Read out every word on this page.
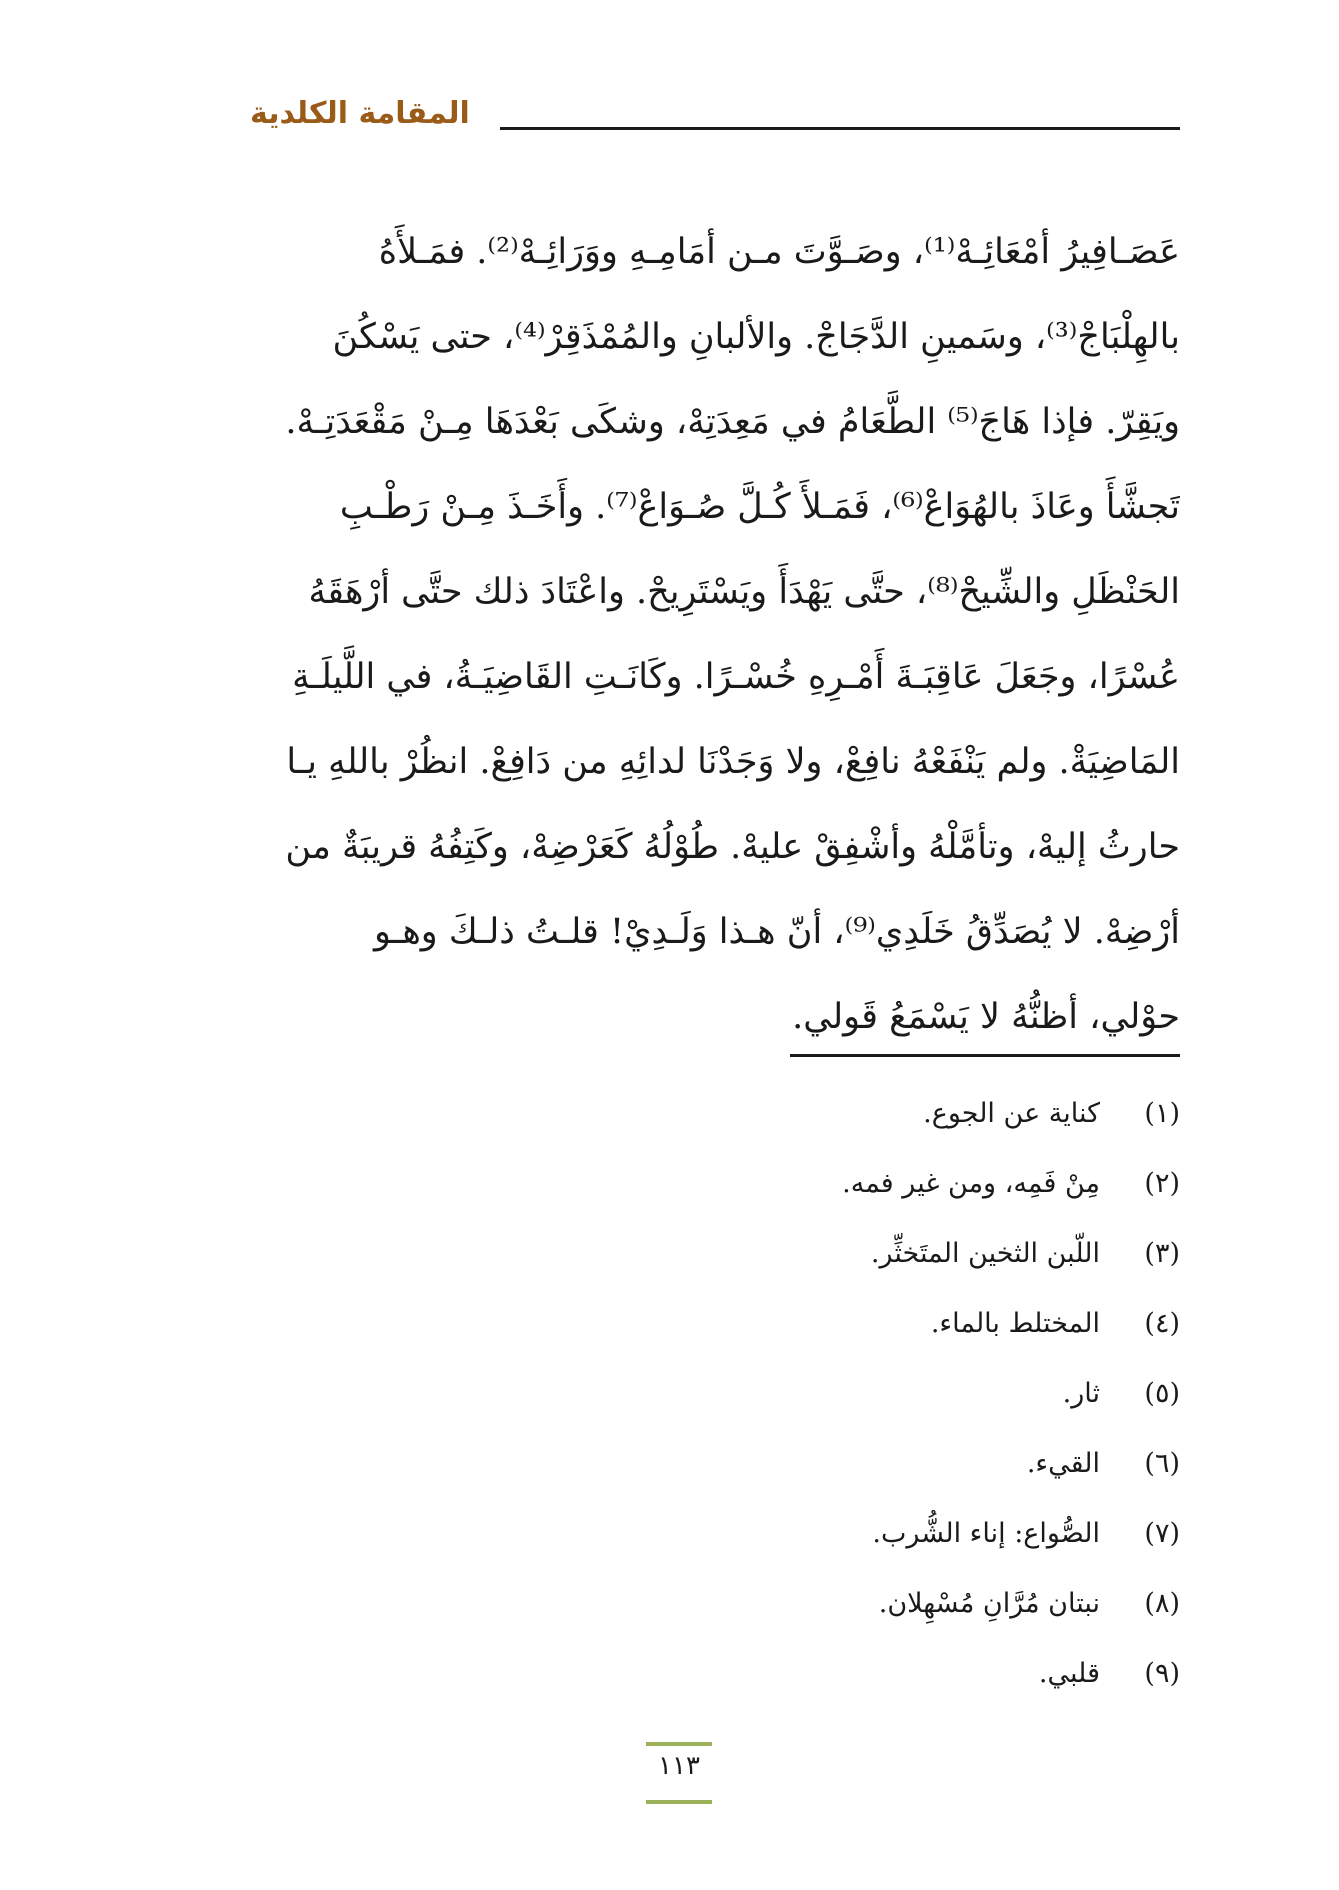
المقامة الكلدية
عَصَـافِيرُ أمْعَائِـهْ⁽¹⁾، وصَـوَّتَ مـن أمَامِـهِ ووَرَائِـهْ⁽²⁾. فمَـلأَهُ
بالهِلْبَاجْ⁽³⁾، وسَمينِ الدَّجَاجْ. والألبانِ والمُمْذَقِرْ⁽⁴⁾، حتى يَسْكُنَ
ويَقِرّ. فإذا هَاجَ⁽⁵⁾ الطَّعَامُ في مَعِدَتِهْ، وشكَى بَعْدَهَا مِـنْ مَقْعَدَتِـهْ.
تَجشَّأَ وعَاذَ بالهُوَاعْ⁽⁶⁾، فَمَـلأَ كُـلَّ صُـوَاعْ⁽⁷⁾. وأَخَـذَ مِـنْ رَطْـبِ
الحَنْظَلِ والشِّيحْ⁽⁸⁾، حتَّى يَهْدَأَ ويَسْتَرِيحْ. واعْتَادَ ذلك حتَّى أرْهَقَهُ
عُسْرًا، وجَعَلَ عَاقِبَـةَ أَمْـرِهِ خُسْـرًا. وكَانَـتِ القَاضِيَـةُ، في اللَّيلَـةِ
المَاضِيَةْ. ولم يَنْفَعْهُ نافِعْ، ولا وَجَدْنَا لدائِهِ من دَافِعْ. انظُرْ باللهِ يـا
حارثُ إليهْ، وتأمَّلْهُ وأشْفِقْ عليهْ. طُوْلُهُ كَعَرْضِهْ، وكَتِفُهُ قريبَةٌ من
أرْضِهْ. لا يُصَدِّقُ خَلَدِي⁽⁹⁾، أنّ هـذا وَلَـدِيْ! قلـتُ ذلـكَ وهـو
حوْلي، أظنُّهُ لا يَسْمَعُ قَولي.
(١)
كناية عن الجوع.
(٢)
مِنْ فَمِه، ومن غير فمه.
(٣)
اللّبن الثخين المتَخثِّر.
(٤)
المختلط بالماء.
(٥)
ثار.
(٦)
القيء.
(٧)
الصُّواع: إناء الشُّرب.
(٨)
نبتان مُرَّانِ مُسْهِلان.
(٩)
قلبي.
١١٣
